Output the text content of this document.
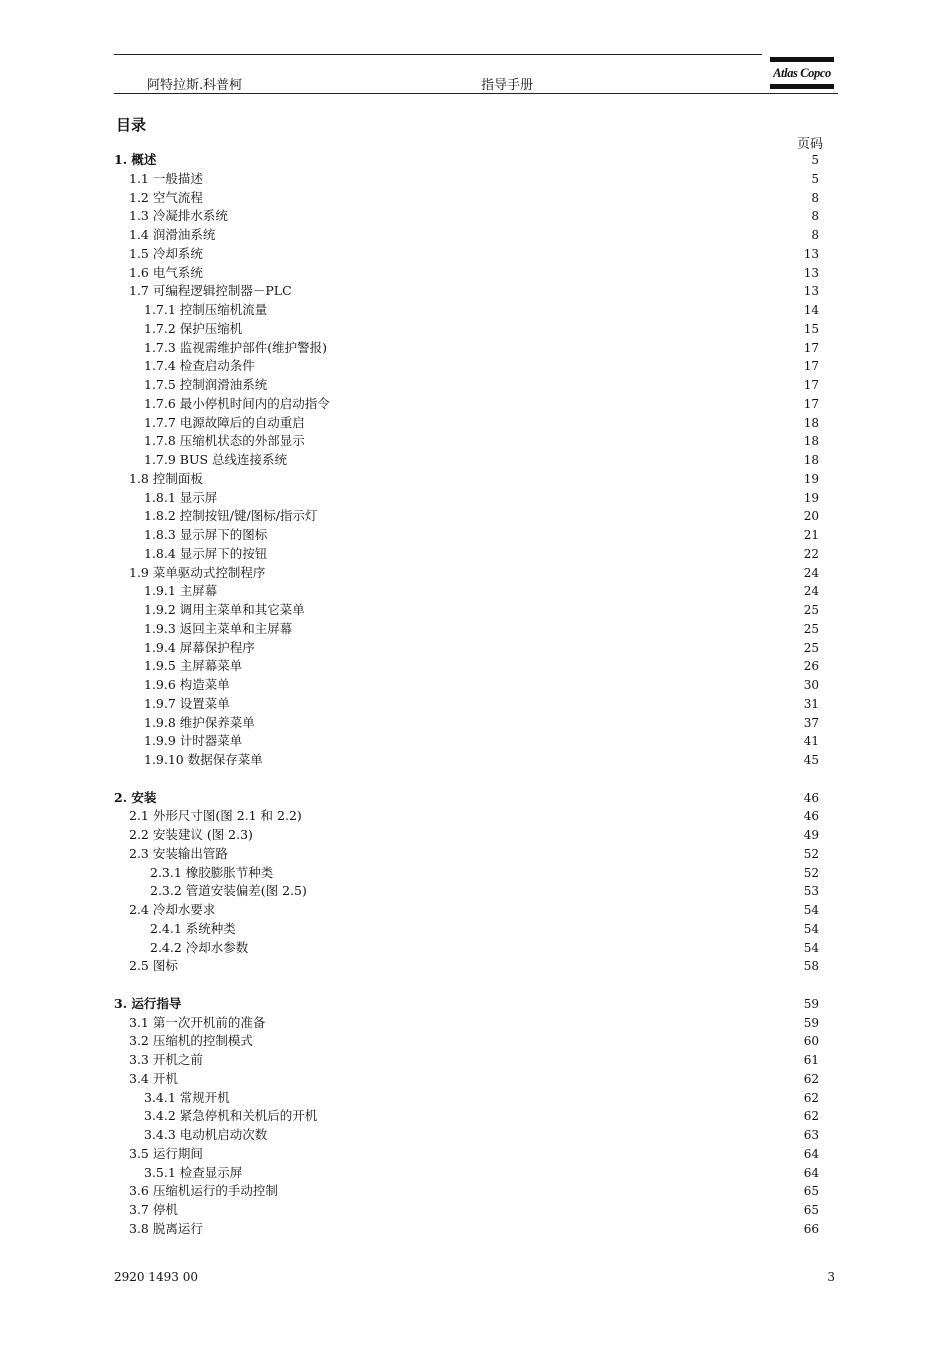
阿特拉斯.科普柯	指导手册
Atlas Copco
目录
页码
1. 概述	5
1.1 一般描述	5
1.2 空气流程	8
1.3 冷凝排水系统	8
1.4 润滑油系统	8
1.5 冷却系统	13
1.6 电气系统	13
1.7 可编程逻辑控制器－PLC	13
1.7.1 控制压缩机流量	14
1.7.2 保护压缩机	15
1.7.3 监视需维护部件(维护警报)	17
1.7.4 检查启动条件	17
1.7.5 控制润滑油系统	17
1.7.6 最小停机时间内的启动指令	17
1.7.7 电源故障后的自动重启	18
1.7.8 压缩机状态的外部显示	18
1.7.9 BUS 总线连接系统	18
1.8 控制面板	19
1.8.1 显示屏	19
1.8.2 控制按钮/键/图标/指示灯	20
1.8.3 显示屏下的图标	21
1.8.4 显示屏下的按钮	22
1.9 菜单驱动式控制程序	24
1.9.1 主屏幕	24
1.9.2 调用主菜单和其它菜单	25
1.9.3 返回主菜单和主屏幕	25
1.9.4 屏幕保护程序	25
1.9.5 主屏幕菜单	26
1.9.6 构造菜单	30
1.9.7 设置菜单	31
1.9.8 维护保养菜单	37
1.9.9 计时器菜单	41
1.9.10 数据保存菜单	45
2. 安装	46
2.1 外形尺寸图(图 2.1 和 2.2)	46
2.2 安装建议 (图 2.3)	49
2.3 安装输出管路	52
2.3.1 橡胶膨胀节种类	52
2.3.2 管道安装偏差(图 2.5)	53
2.4 冷却水要求	54
2.4.1 系统种类	54
2.4.2 冷却水参数	54
2.5 图标	58
3. 运行指导	59
3.1 第一次开机前的准备	59
3.2 压缩机的控制模式	60
3.3 开机之前	61
3.4 开机	62
3.4.1 常规开机	62
3.4.2 紧急停机和关机后的开机	62
3.4.3 电动机启动次数	63
3.5 运行期间	64
3.5.1 检查显示屏	64
3.6 压缩机运行的手动控制	65
3.7 停机	65
3.8 脱离运行	66
2920 1493 00	3
